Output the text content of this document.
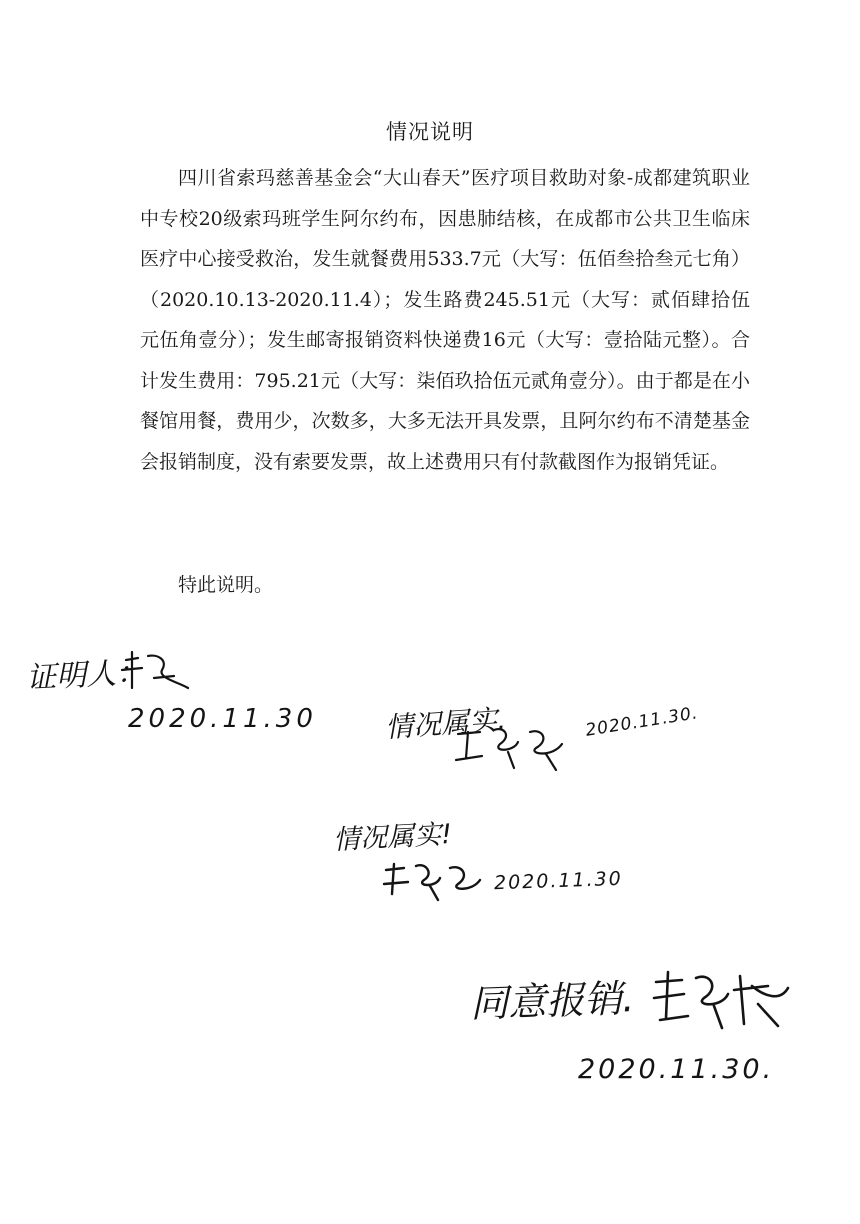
情况说明

四川省索玛慈善基金会“大山春天”医疗项目救助对象-成都建筑职业中专校20级索玛班学生阿尔约布，因患肺结核，在成都市公共卫生临床医疗中心接受救治，发生就餐费用533.7元（大写：伍佰叁拾叁元七角）（2020.10.13-2020.11.4）；发生路费245.51元（大写：贰佰肆拾伍元伍角壹分）；发生邮寄报销资料快递费16元（大写：壹拾陆元整）。合计发生费用：795.21元（大写：柒佰玖拾伍元贰角壹分）。由于都是在小餐馆用餐，费用少，次数多，大多无法开具发票，且阿尔约布不清楚基金会报销制度，没有索要发票，故上述费用只有付款截图作为报销凭证。

特此说明。
证明人：
2020.11.30 情况属实.	2020.11.30.
情况属实!
2020.11.30
同意报销.
2020.11.30.
